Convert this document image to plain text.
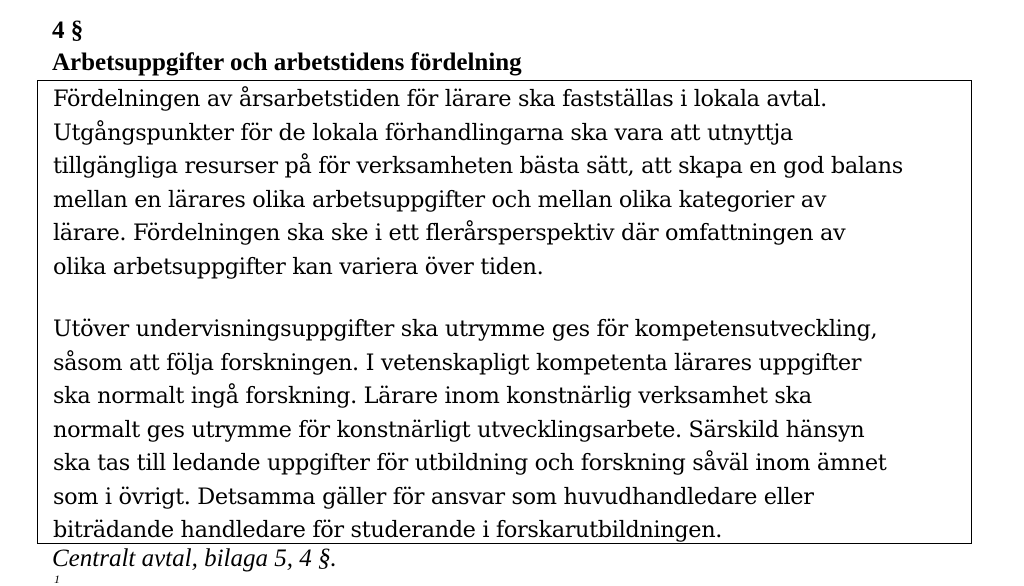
4 §
Arbetsuppgifter och arbetstidens fördelning

Fördelningen av årsarbetstiden för lärare ska fastställas i lokala avtal.
Utgångspunkter för de lokala förhandlingarna ska vara att utnyttja
tillgängliga resurser på för verksamheten bästa sätt, att skapa en god balans
mellan en lärares olika arbetsuppgifter och mellan olika kategorier av
lärare. Fördelningen ska ske i ett flerårsperspektiv där omfattningen av
olika arbetsuppgifter kan variera över tiden.

Utöver undervisningsuppgifter ska utrymme ges för kompetensutveckling,
såsom att följa forskningen. I vetenskapligt kompetenta lärares uppgifter
ska normalt ingå forskning. Lärare inom konstnärlig verksamhet ska
normalt ges utrymme för konstnärligt utvecklingsarbete. Särskild hänsyn
ska tas till ledande uppgifter för utbildning och forskning såväl inom ämnet
som i övrigt. Detsamma gäller för ansvar som huvudhandledare eller
biträdande handledare för studerande i forskarutbildningen.

Centralt avtal, bilaga 5, 4 §.
1
